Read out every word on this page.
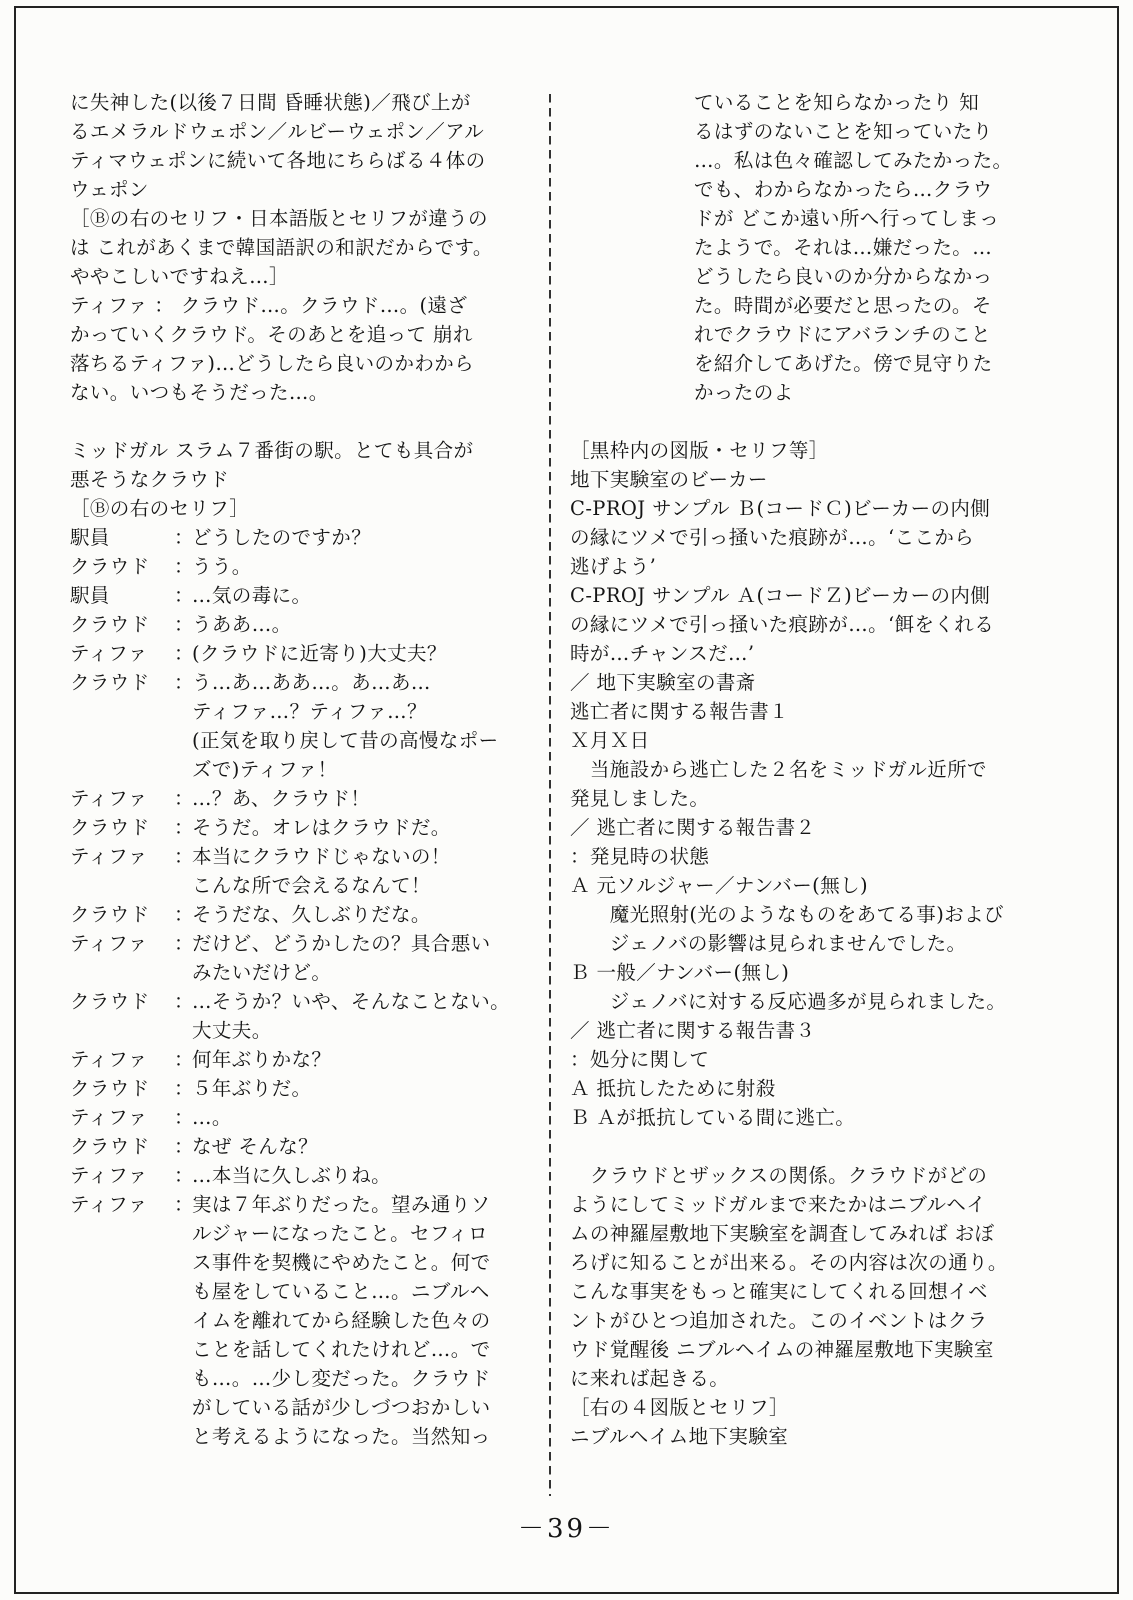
に失神した(以後７日間 昏睡状態)／飛び上が
るエメラルドウェポン／ルビーウェポン／アル
ティマウェポンに続いて各地にちらばる４体の
ウェポン
［Ⓑの右のセリフ・日本語版とセリフが違うの
は これがあくまで韓国語訳の和訳だからです。
ややこしいですねえ…］
ティファ ： クラウド…。クラウド…。(遠ざ
かっていくクラウド。そのあとを追って 崩れ
落ちるティファ)…どうしたら良いのかわから
ない。いつもそうだった…。
ミッドガル スラム７番街の駅。とても具合が
悪そうなクラウド
［Ⓑの右のセリフ］
駅員	：
どうしたのですか？
クラウド	：
うう。
駅員	：
…気の毒に。
クラウド	：
うああ…。
ティファ	：
(クラウドに近寄り)大丈夫？
クラウド	：
う…あ…ああ…。あ…あ…
ティファ…？ティファ…？
(正気を取り戻して昔の高慢なポー
ズで)ティファ！
ティファ	：
…？あ、クラウド！
クラウド	：
そうだ。オレはクラウドだ。
ティファ	：
本当にクラウドじゃないの！
こんな所で会えるなんて！
クラウド	：
そうだな、久しぶりだな。
ティファ	：
だけど、どうかしたの？具合悪い
みたいだけど。
クラウド	：
…そうか？いや、そんなことない。
大丈夫。
ティファ	：
何年ぶりかな？
クラウド	：
５年ぶりだ。
ティファ	：
…。
クラウド	：
なぜ そんな？
ティファ	：
…本当に久しぶりね。
ティファ	：
実は７年ぶりだった。望み通りソ
ルジャーになったこと。セフィロ
ス事件を契機にやめたこと。何で
も屋をしていること…。ニブルヘ
イムを離れてから経験した色々の
ことを話してくれたけれど…。で
も…。…少し変だった。クラウド
がしている話が少しづつおかしい
と考えるようになった。当然知っ
ていることを知らなかったり 知
るはずのないことを知っていたり
…。私は色々確認してみたかった。
でも、わからなかったら…クラウ
ドが どこか遠い所へ行ってしまっ
たようで。それは…嫌だった。…
どうしたら良いのか分からなかっ
た。時間が必要だと思ったの。そ
れでクラウドにアバランチのこと
を紹介してあげた。傍で見守りた
かったのよ
［黒枠内の図版・セリフ等］
地下実験室のビーカー
C-PROJ サンプル Ｂ(コードＣ)ビーカーの内側
の縁にツメで引っ掻いた痕跡が…。‘ここから
逃げよう’
C-PROJ サンプル Ａ(コードＺ)ビーカーの内側
の縁にツメで引っ掻いた痕跡が…。‘餌をくれる
時が…チャンスだ…’
／ 地下実験室の書斎
逃亡者に関する報告書１
Ｘ月Ｘ日
　当施設から逃亡した２名をミッドガル近所で
発見しました。
／ 逃亡者に関する報告書２
：発見時の状態
Ａ 元ソルジャー／ナンバー(無し)
　　魔光照射(光のようなものをあてる事)および
　　ジェノバの影響は見られませんでした。
Ｂ 一般／ナンバー(無し)
　　ジェノバに対する反応過多が見られました。
／ 逃亡者に関する報告書３
：処分に関して
Ａ 抵抗したために射殺
Ｂ Ａが抵抗している間に逃亡。
　クラウドとザックスの関係。クラウドがどの
ようにしてミッドガルまで来たかはニブルヘイ
ムの神羅屋敷地下実験室を調査してみれば おぼ
ろげに知ることが出来る。その内容は次の通り。
こんな事実をもっと確実にしてくれる回想イベ
ントがひとつ追加された。このイベントはクラ
ウド覚醒後 ニブルヘイムの神羅屋敷地下実験室
に来れば起きる。
［右の４図版とセリフ］
ニブルヘイム地下実験室
－39－
